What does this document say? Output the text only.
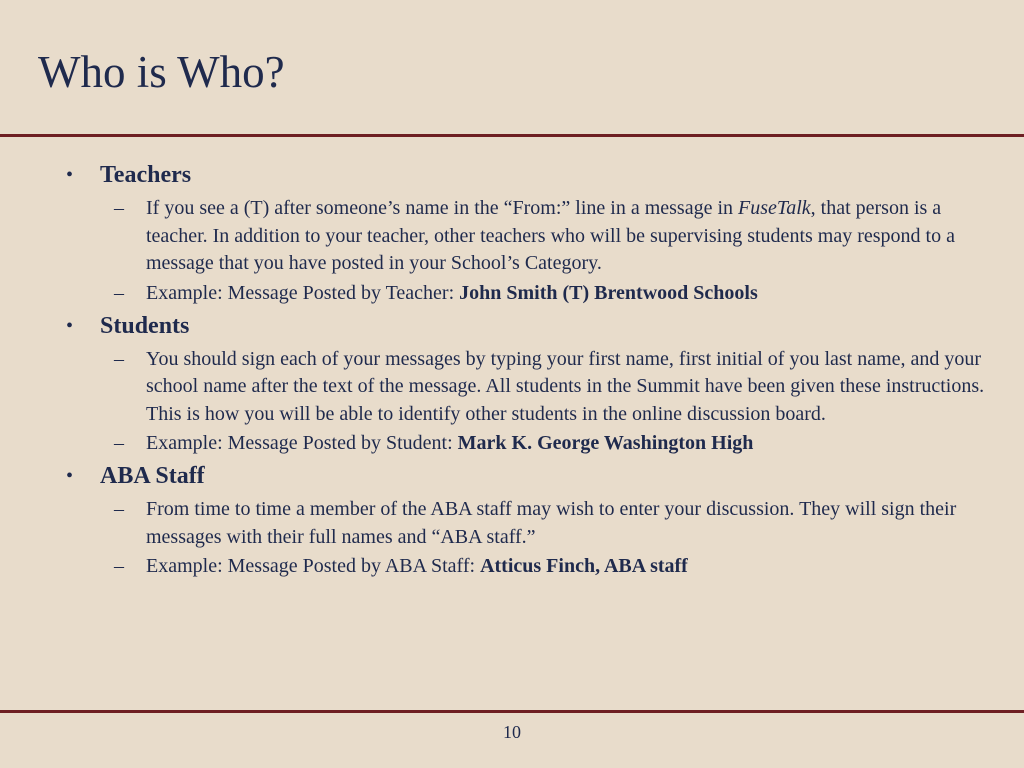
Who is Who?
• Teachers
– If you see a (T) after someone’s name in the “From:” line in a message in FuseTalk, that person is a teacher. In addition to your teacher, other teachers who will be supervising students may respond to a message that you have posted in your School’s Category.
– Example: Message Posted by Teacher: John Smith (T) Brentwood Schools
• Students
– You should sign each of your messages by typing your first name, first initial of you last name, and your school name after the text of the message. All students in the Summit have been given these instructions. This is how you will be able to identify other students in the online discussion board.
– Example: Message Posted by Student: Mark K. George Washington High
• ABA Staff
– From time to time a member of the ABA staff may wish to enter your discussion. They will sign their messages with their full names and “ABA staff.”
– Example: Message Posted by ABA Staff: Atticus Finch, ABA staff
10
